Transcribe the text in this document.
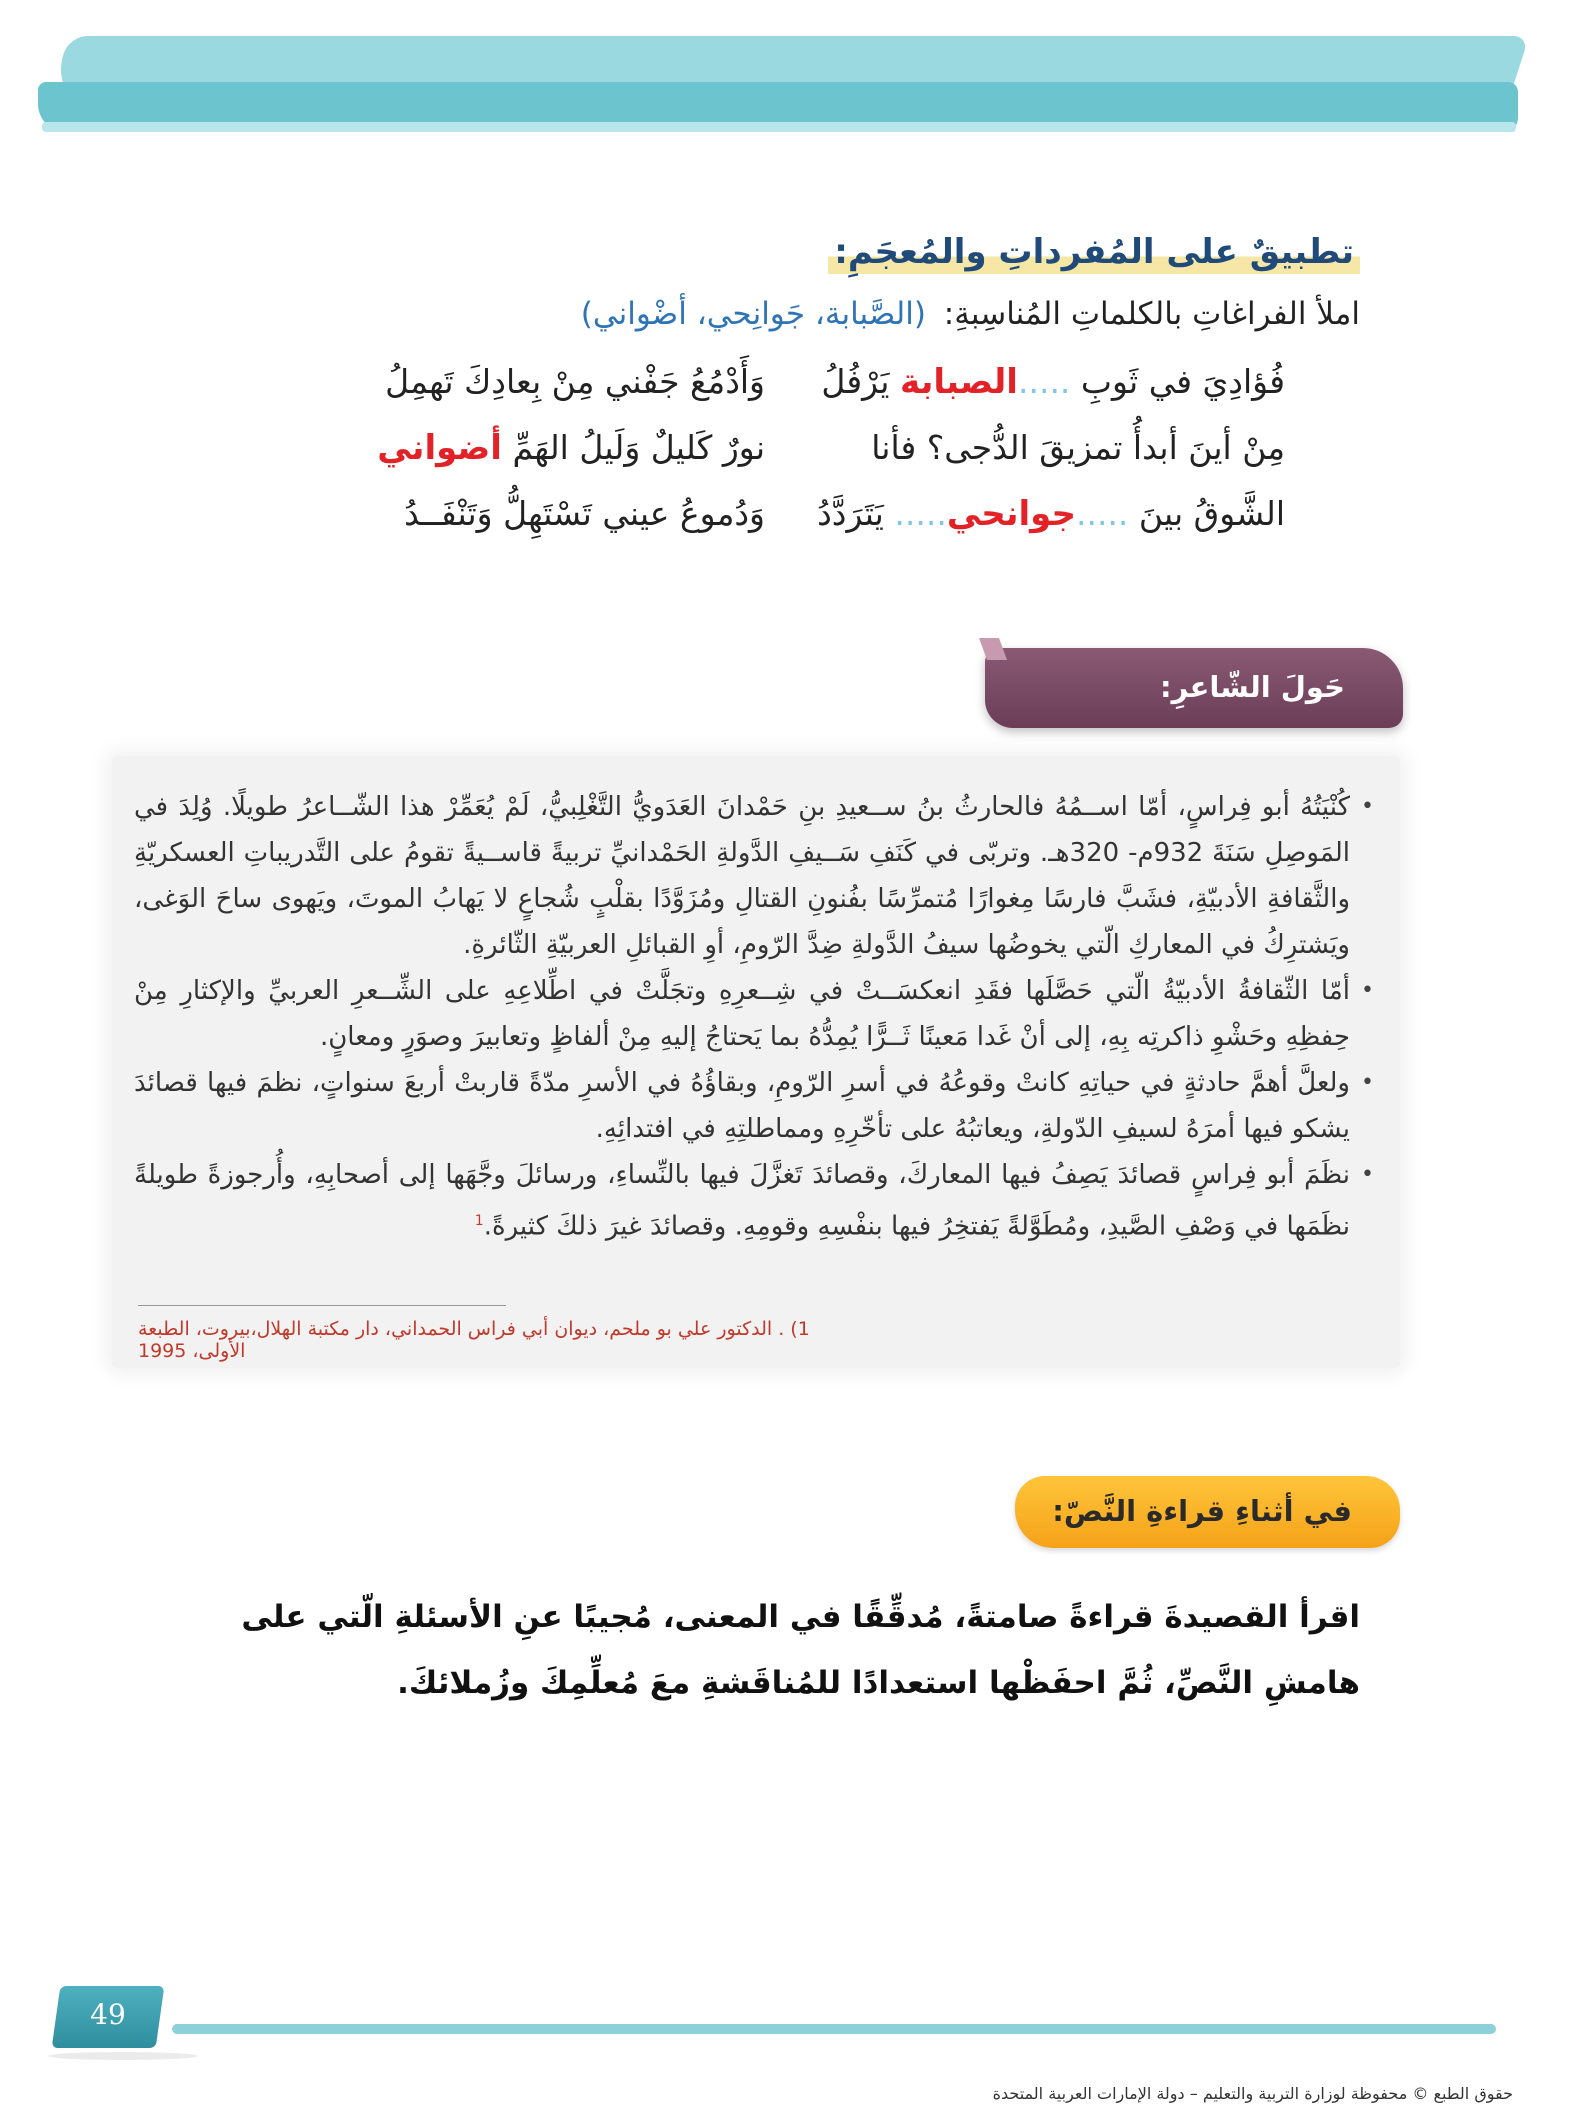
تطبيقٌ على المُفرداتِ والمُعجَمِ:
املأ الفراغاتِ بالكلماتِ المُناسِبةِ: (الصَّبابة، جَوانِحي، أضْواني)
فُؤادِيَ في ثَوبِ .....الصبابة يَرْفُلُ
وَأَدْمُعُ جَفْني مِنْ بِعادِكَ تَهمِلُ
مِنْ أينَ أبدأُ تمزيقَ الدُّجى؟ فأنا
نورٌ كَليلٌ وَلَيلُ الهَمِّ أضواني
الشَّوقُ بينَ .....جوانحي..... يَتَرَدَّدُ
وَدُموعُ عيني تَسْتَهِلُّ وَتَنْفَــدُ
حَولَ الشّاعرِ:
•
كُنْيَتُهُ أبو فِراسٍ، أمّا اســمُهُ فالحارثُ بنُ ســعيدِ بنِ حَمْدانَ العَدَويُّ التَّغْلِبيُّ، لَمْ يُعَمِّرْ هذا الشّــاعرُ طويلًا. وُلِدَ في المَوصِلِ سَنَةَ 932م- 320هـ. وتربّى في كَنَفِ سَــيفِ الدَّولةِ الحَمْدانيِّ تربيةً قاســيةً تقومُ على التَّدريباتِ العسكريّةِ والثَّقافةِ الأدبيّةِ، فشَبَّ فارسًا مِغوارًا مُتمرِّسًا بفُنونِ القتالِ ومُزَوَّدًا بقلْبٍ شُجاعٍ لا يَهابُ الموتَ، ويَهوى ساحَ الوَغى، ويَشترِكُ في المعاركِ الّتي يخوضُها سيفُ الدَّولةِ ضِدَّ الرّومِ، أوِ القبائلِ العربيّةِ الثّائرةِ.
•
أمّا الثّقافةُ الأدبيّةُ الّتي حَصَّلَها فقَدِ انعكسَــتْ في شِــعرِهِ وتجَلَّتْ في اطِّلاعِهِ على الشِّــعرِ العربيِّ والإكثارِ مِنْ حِفظِهِ وحَشْوِ ذاكرتِه بِهِ، إلى أنْ غَدا مَعينًا ثَــرًّا يُمِدُّهُ بما يَحتاجُ إليهِ مِنْ ألفاظٍ وتعابيرَ وصوَرٍ ومعانٍ.
•
ولعلَّ أهمَّ حادثةٍ في حياتِهِ كانتْ وقوعُهُ في أسرِ الرّومِ، وبقاؤُهُ في الأسرِ مدّةً قاربتْ أربعَ سنواتٍ، نظمَ فيها قصائدَ يشكو فيها أمرَهُ لسيفِ الدّولةِ، ويعاتبُهُ على تأخّرِهِ ومماطلتِهِ في افتدائِهِ.
•
نظَمَ أبو فِراسٍ قصائدَ يَصِفُ فيها المعاركَ، وقصائدَ تَغزَّلَ فيها بالنِّساءِ، ورسائلَ وجَّهَها إلى أصحابِهِ، وأُرجوزةً طويلةً نظَمَها في وَصْفِ الصَّيدِ، ومُطَوَّلةً يَفتخِرُ فيها بنفْسِهِ وقومِهِ. وقصائدَ غيرَ ذلكَ كثيرةً.$^1$
1) . الدكتور علي بو ملحم، ديوان أبي فراس الحمداني، دار مكتبة الهلال،بيروت، الطبعة الأولى، 1995
في أثناءِ قراءةِ النَّصّ:
اقرأ القصيدةَ قراءةً صامتةً، مُدقِّقًا في المعنى، مُجيبًا عنِ الأسئلةِ الّتي على هامشِ النَّصِّ، ثُمَّ احفَظْها استعدادًا للمُناقَشةِ معَ مُعلِّمِكَ وزُملائكَ.
49
حقوق الطبع © محفوظة لوزارة التربية والتعليم – دولة الإمارات العربية المتحدة
